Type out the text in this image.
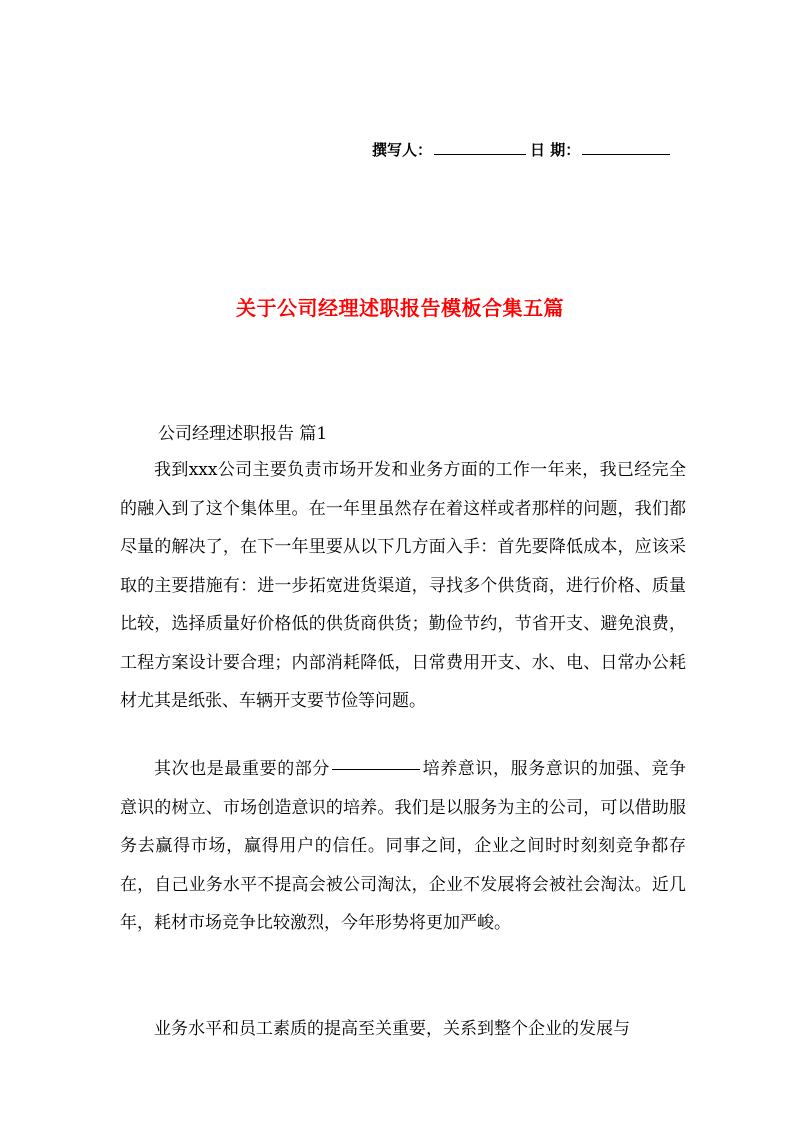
撰写人：	日 期：
关于公司经理述职报告模板合集五篇
公司经理述职报告 篇1

我到xxx公司主要负责市场开发和业务方面的工作一年来，我已经完全的融入到了这个集体里。在一年里虽然存在着这样或者那样的问题，我们都尽量的解决了，在下一年里要从以下几方面入手：首先要降低成本，应该采取的主要措施有：进一步拓宽进货渠道，寻找多个供货商，进行价格、质量比较，选择质量好价格低的供货商供货；勤俭节约，节省开支、避免浪费，工程方案设计要合理；内部消耗降低，日常费用开支、水、电、日常办公耗材尤其是纸张、车辆开支要节俭等问题。

其次也是最重要的部分	培养意识，服务意识的加强、竞争意识的树立、市场创造意识的培养。我们是以服务为主的公司，可以借助服务去赢得市场，赢得用户的信任。同事之间，企业之间时时刻刻竞争都存在，自己业务水平不提高会被公司淘汰，企业不发展将会被社会淘汰。近几年，耗材市场竞争比较激烈，今年形势将更加严峻。

业务水平和员工素质的提高至关重要，关系到整个企业的发展与
